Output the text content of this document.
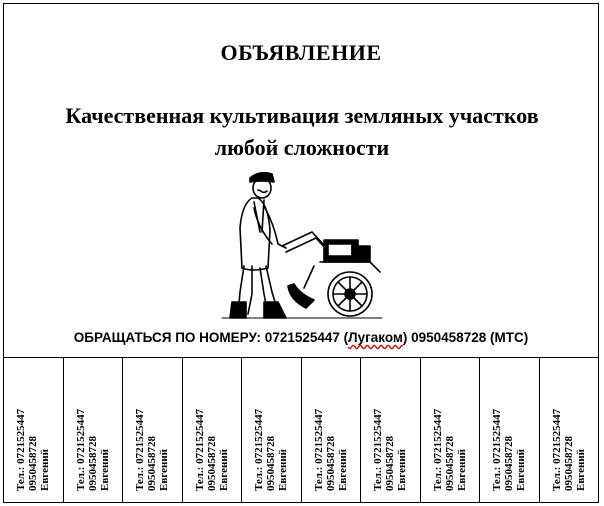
ОБЪЯВЛЕНИЕ
Качественная культивация земляных участков
любой сложности
ОБРАЩАТЬСЯ ПО НОМЕРУ: 0721525447 (Лугаком) 0950458728 (МТС)
Тел.: 0721525447 0950458728 Евгений Тел.: 0721525447 0950458728 Евгений Тел.: 0721525447 0950458728 Евгений Тел.: 0721525447 0950458728 Евгений Тел.: 0721525447 0950458728 Евгений Тел.: 0721525447 0950458728 Евгений Тел.: 0721525447 0950458728 Евгений Тел.: 0721525447 0950458728 Евгений Тел.: 0721525447 0950458728 Евгений Тел.: 0721525447 0950458728 Евгений
